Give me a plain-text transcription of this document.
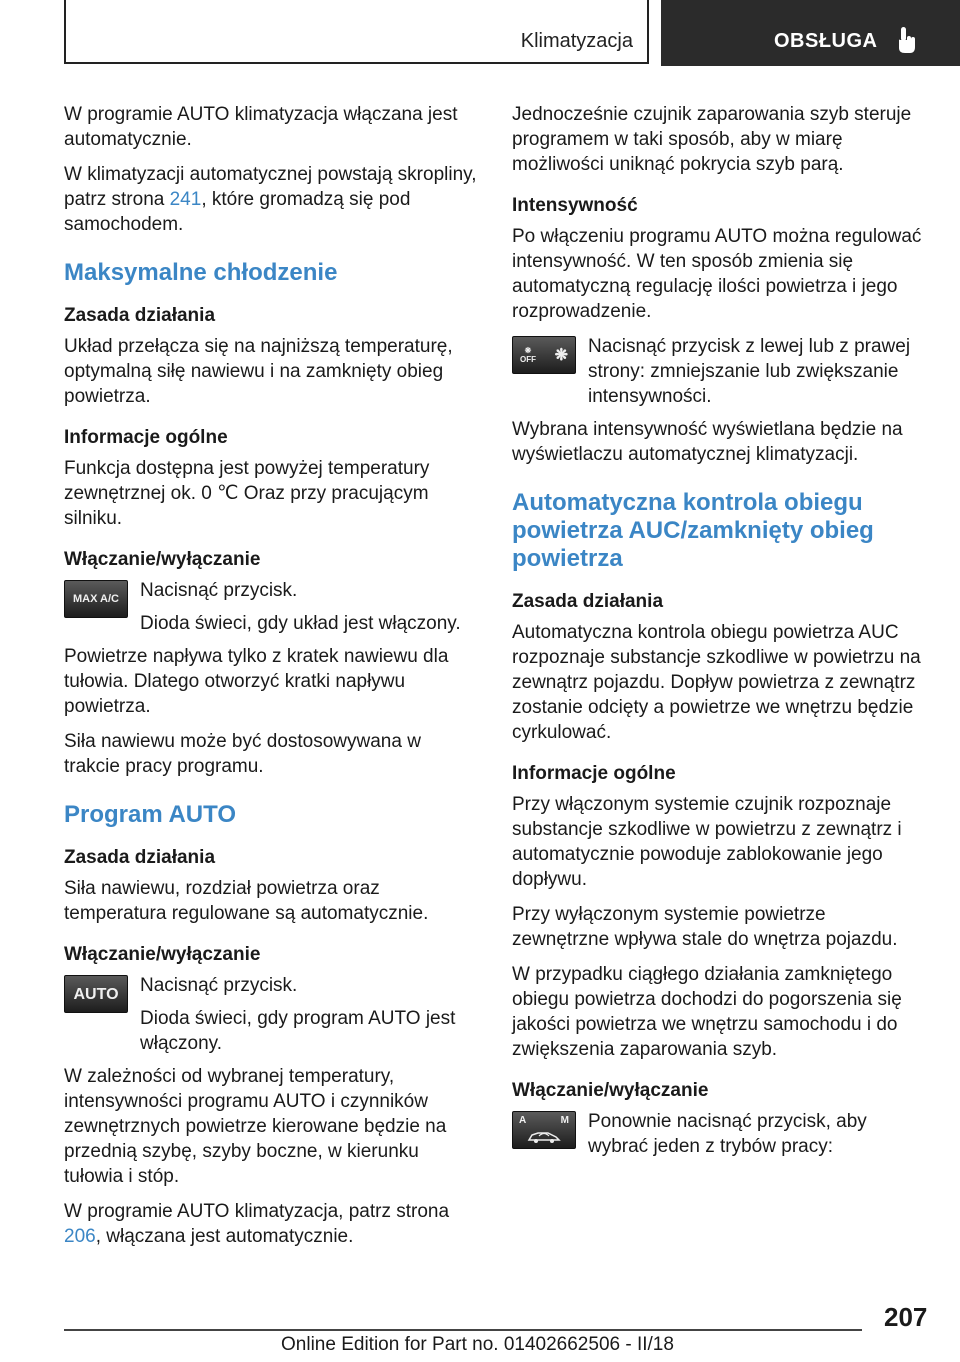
Klimatyzacja	OBSŁUGA

W programie AUTO klimatyzacja włączana jest automatycznie.

W klimatyzacji automatycznej powstają skropliny, patrz strona 241, które gromadzą się pod samochodem.

Maksymalne chłodzenie
Zasada działania

Układ przełącza się na najniższą temperaturę, optymalną siłę nawiewu i na zamknięty obieg powietrza.

Informacje ogólne

Funkcja dostępna jest powyżej temperatury zewnętrznej ok. 0 ℃ Oraz przy pracującym silniku.

Włączanie/wyłączanie
MAX A/C	Nacisnąć przycisk.

Dioda świeci, gdy układ jest włączony.

Powietrze napływa tylko z kratek nawiewu dla tułowia. Dlatego otworzyć kratki napływu powietrza.

Siła nawiewu może być dostosowywana w trakcie pracy programu.

Program AUTO
Zasada działania

Siła nawiewu, rozdział powietrza oraz temperatura regulowane są automatycznie.

Włączanie/wyłączanie
AUTO	Nacisnąć przycisk.

Dioda świeci, gdy program AUTO jest włączony.

W zależności od wybranej temperatury, intensywności programu AUTO i czynników zewnętrznych powietrze kierowane będzie na przednią szybę, szyby boczne, w kierunku tułowia i stóp.

W programie AUTO klimatyzacja, patrz strona 206, włączana jest automatycznie.

Jednocześnie czujnik zaparowania szyb steruje programem w taki sposób, aby w miarę możliwości uniknąć pokrycia szyb parą.

Intensywność

Po włączeniu programu AUTO można regulować intensywność. W ten sposób zmienia się automatyczną regulację ilości powietrza i jego rozprowadzenie.

❋
OFF ❋ Nacisnąć przycisk z lewej lub z prawej strony: zmniejszanie lub zwiększanie intensywności.

Wybrana intensywność wyświetlana będzie na wyświetlaczu automatycznej klimatyzacji.

Automatyczna kontrola obiegu powietrza AUC/zamknięty obieg powietrza
Zasada działania

Automatyczna kontrola obiegu powietrza AUC rozpoznaje substancje szkodliwe w powietrzu na zewnątrz pojazdu. Dopływ powietrza z zewnątrz zostanie odcięty a powietrze we wnętrzu będzie cyrkulować.

Informacje ogólne

Przy włączonym systemie czujnik rozpoznaje substancje szkodliwe w powietrzu z zewnątrz i automatycznie powoduje zablokowanie jego dopływu.

Przy wyłączonym systemie powietrze zewnętrzne wpływa stale do wnętrza pojazdu.

W przypadku ciągłego działania zamkniętego obiegu powietrza dochodzi do pogorszenia się jakości powietrza we wnętrzu samochodu i do zwiększenia zaparowania szyb.

Włączanie/wyłączanie
A	M Ponownie nacisnąć przycisk, aby wybrać jeden z trybów pracy:

207
Online Edition for Part no. 01402662506 - II/18
